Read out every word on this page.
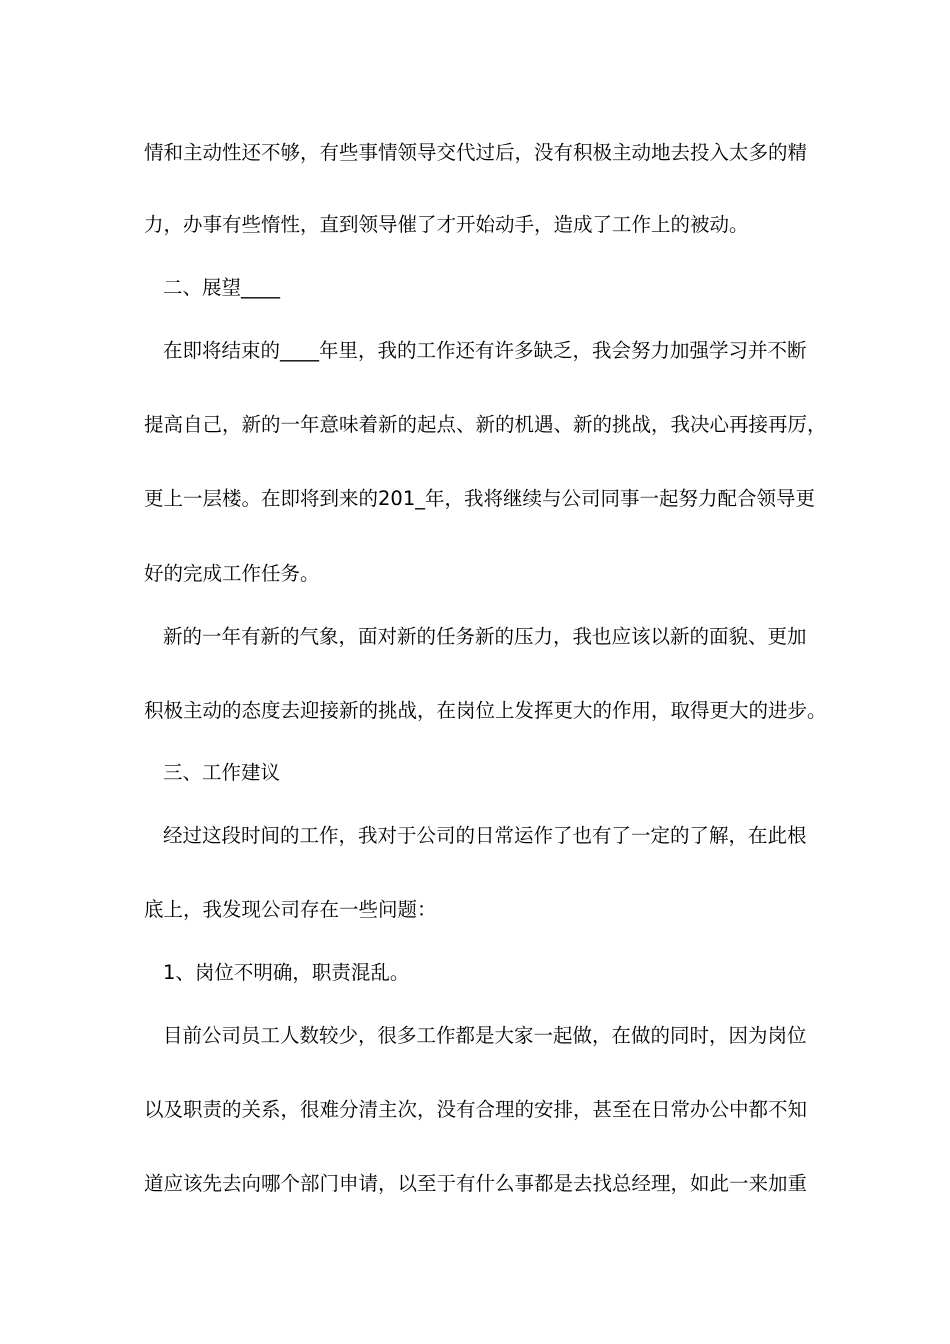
情和主动性还不够，有些事情领导交代过后，没有积极主动地去投入太多的精
力，办事有些惰性，直到领导催了才开始动手，造成了工作上的被动。
二、展望____
在即将结束的____年里，我的工作还有许多缺乏，我会努力加强学习并不断
提高自己，新的一年意味着新的起点、新的机遇、新的挑战，我决心再接再厉，
更上一层楼。在即将到来的201_年，我将继续与公司同事一起努力配合领导更
好的完成工作任务。
新的一年有新的气象，面对新的任务新的压力，我也应该以新的面貌、更加
积极主动的态度去迎接新的挑战，在岗位上发挥更大的作用，取得更大的进步。
三、工作建议
经过这段时间的工作，我对于公司的日常运作了也有了一定的了解，在此根
底上，我发现公司存在一些问题：
1、岗位不明确，职责混乱。
目前公司员工人数较少，很多工作都是大家一起做，在做的同时，因为岗位
以及职责的关系，很难分清主次，没有合理的安排，甚至在日常办公中都不知
道应该先去向哪个部门申请，以至于有什么事都是去找总经理，如此一来加重
